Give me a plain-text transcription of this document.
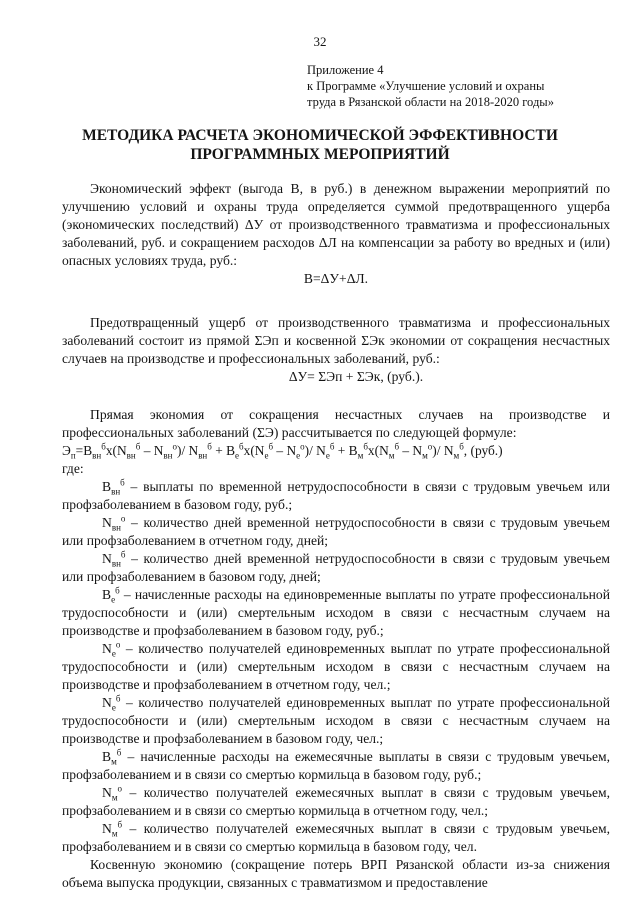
32
Приложение 4
к Программе «Улучшение условий и охраны
труда в Рязанской области на 2018-2020 годы»
МЕТОДИКА РАСЧЕТА ЭКОНОМИЧЕСКОЙ ЭФФЕКТИВНОСТИ
ПРОГРАММНЫХ МЕРОПРИЯТИЙ

Экономический эффект (выгода В, в руб.) в денежном выражении мероприятий по улучшению условий и охраны труда определяется суммой предотвращенного ущерба (экономических последствий) ΔУ от производственного травматизма и профессиональных заболеваний, руб. и сокращением расходов ΔЛ на компенсации за работу во вредных и (или) опасных условиях труда, руб.:

В=ΔУ+ΔЛ.

Предотвращенный ущерб от производственного травматизма и профессиональных заболеваний состоит из прямой ΣЭп и косвенной ΣЭк экономии от сокращения несчастных случаев на производстве и профессиональных заболеваний, руб.:

ΔУ= ΣЭп + ΣЭк, (руб.).

Прямая экономия от сокращения несчастных случаев на производстве и профессиональных заболеваний (ΣЭ) рассчитывается по следующей формуле:

$Э_п=В_{вн}^бx(N_{вн}^б - N_{вн}^о)/$ $N_{вн}^б + В_е^бx(N_е^б - N_е^о)/$ $N_е^б + В_м^бx(N_м^б - N_м^о)/$ $N_м^б$, (руб.)

где:

$В_{вн}^б$ – выплаты по временной нетрудоспособности в связи с трудовым увечьем или профзаболеванием в базовом году, руб.;

$N_{вн}^о$ – количество дней временной нетрудоспособности в связи с трудовым увечьем или профзаболеванием в отчетном году, дней;

$N_{вн}^б$ – количество дней временной нетрудоспособности в связи с трудовым увечьем или профзаболеванием в базовом году, дней;

$В_е^б$ – начисленные расходы на единовременные выплаты по утрате профессиональной трудоспособности и (или) смертельным исходом в связи с несчастным случаем на производстве и профзаболеванием в базовом году, руб.;

$N_е^о$ – количество получателей единовременных выплат по утрате профессиональной трудоспособности и (или) смертельным исходом в связи с несчастным случаем на производстве и профзаболеванием в отчетном году, чел.;

$N_е^б$ – количество получателей единовременных выплат по утрате профессиональной трудоспособности и (или) смертельным исходом в связи с несчастным случаем на производстве и профзаболеванием в базовом году, чел.;

$В_м^б$ – начисленные расходы на ежемесячные выплаты в связи с трудовым увечьем, профзаболеванием и в связи со смертью кормильца в базовом году, руб.;

$N_м^о$ – количество получателей ежемесячных выплат в связи с трудовым увечьем, профзаболеванием и в связи со смертью кормильца в отчетном году, чел.;

$N_м^б$ – количество получателей ежемесячных выплат в связи с трудовым увечьем, профзаболеванием и в связи со смертью кормильца в базовом году, чел.

Косвенную экономию (сокращение потерь ВРП Рязанской области из-за снижения объема выпуска продукции, связанных с травматизмом и предоставление
